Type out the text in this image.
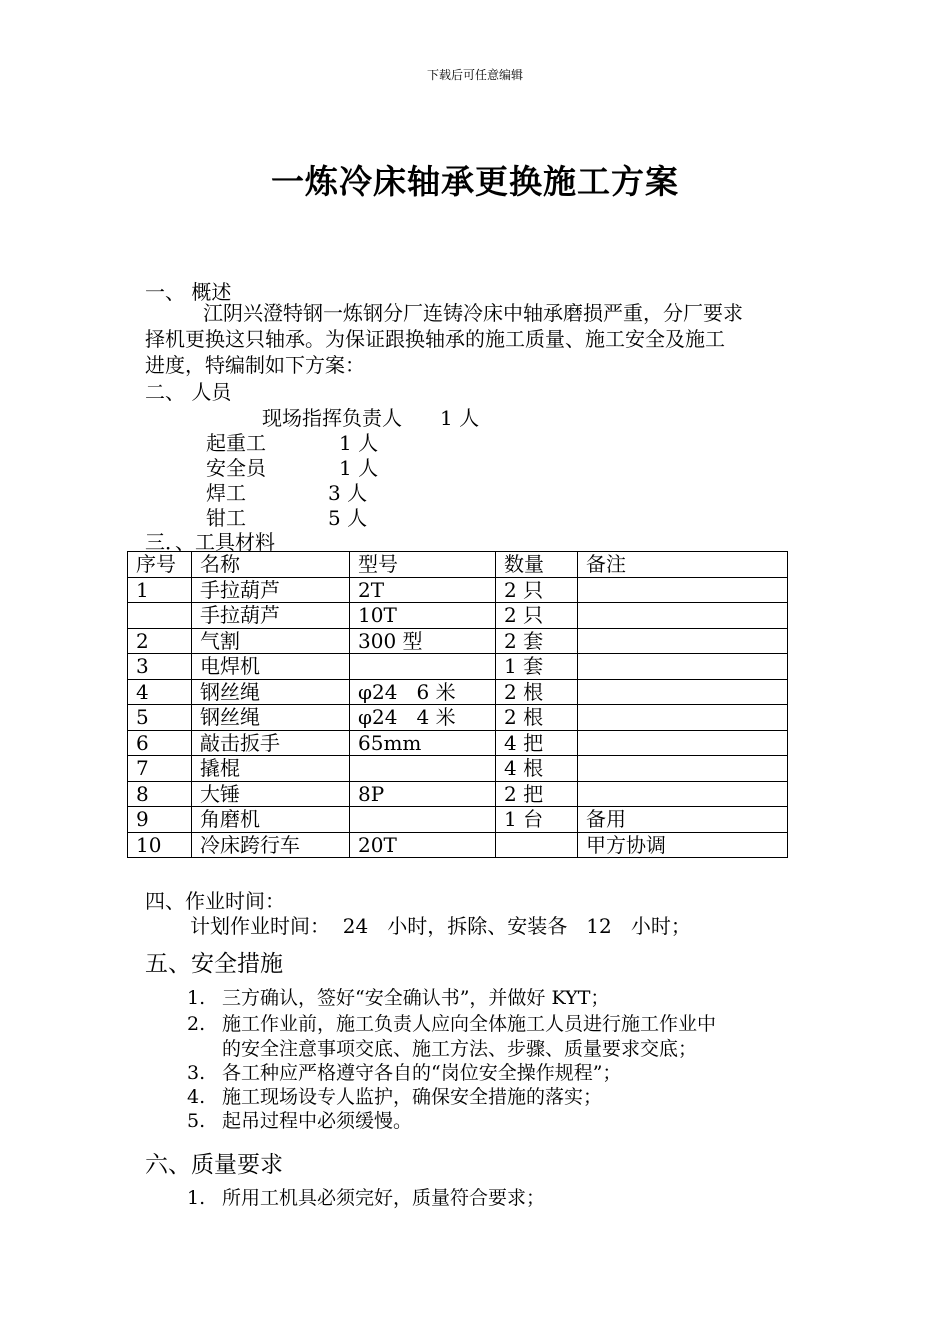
下载后可任意编辑
一炼冷床轴承更换施工方案
一、 概述
江阴兴澄特钢一炼钢分厂连铸冷床中轴承磨损严重，分厂要求
择机更换这只轴承。为保证跟换轴承的施工质量、施工安全及施工
进度，特编制如下方案：
二、 人员
现场指挥负责人 1 人
起重工	1 人
安全员	1 人
焊工	3 人
钳工	5 人
三．、工具材料
序号	名称	型号	数量	备注
1	手拉葫芦	2T	2 只	
	手拉葫芦	10T	2 只	
2	气割	300 型	2 套	
3	电焊机		1 套	
4	钢丝绳	φ24   6 米	2 根	
5	钢丝绳	φ24   4 米	2 根	
6	敲击扳手	65mm	4 把	
7	撬棍		4 根	
8	大锤	8P	2 把	
9	角磨机		1 台	备用
10	冷床跨行车	20T		甲方协调
四、作业时间：
计划作业时间：  24   小时，拆除、安装各   12   小时；
五、安全措施
1. 三方确认，签好“安全确认书”，并做好 KYT；
2. 施工作业前，施工负责人应向全体施工人员进行施工作业中
的安全注意事项交底、施工方法、步骤、质量要求交底；
3. 各工种应严格遵守各自的“岗位安全操作规程”；
4. 施工现场设专人监护，确保安全措施的落实；
5. 起吊过程中必须缓慢。
六、质量要求
1. 所用工机具必须完好，质量符合要求；
